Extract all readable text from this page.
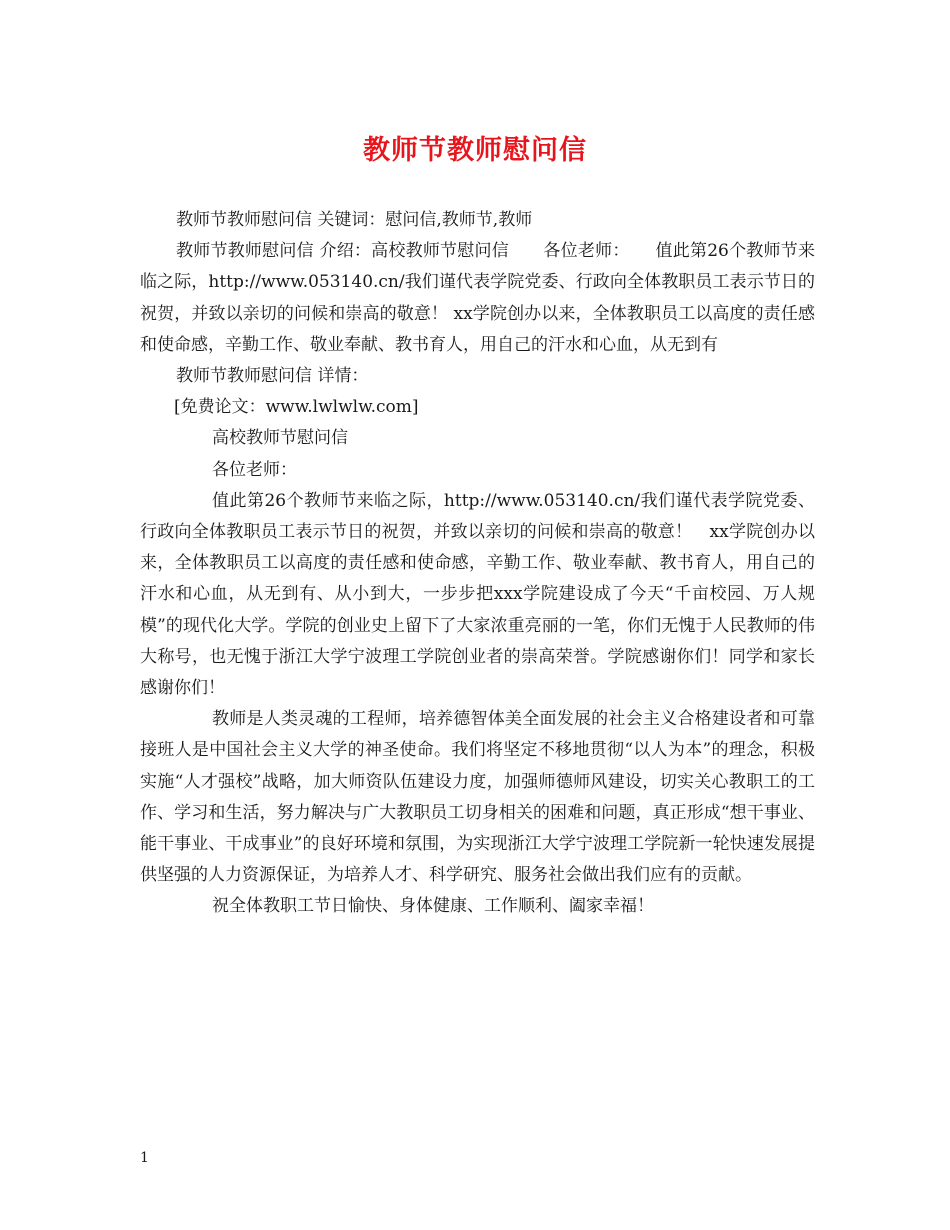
教师节教师慰问信

教师节教师慰问信 关键词：慰问信,教师节,教师

教师节教师慰问信 介绍：高校教师节慰问信　　各位老师：　　值此第26个教师节来临之际，http://www.053140.cn/我们谨代表学院党委、行政向全体教职员工表示节日的祝贺，并致以亲切的问候和崇高的敬意！ xx学院创办以来，全体教职员工以高度的责任感和使命感，辛勤工作、敬业奉献、教书育人，用自己的汗水和心血，从无到有

教师节教师慰问信 详情：

[免费论文：www.lwlwlw.com]

高校教师节慰问信

各位老师：

值此第26个教师节来临之际，http://www.053140.cn/我们谨代表学院党委、行政向全体教职员工表示节日的祝贺，并致以亲切的问候和崇高的敬意！　xx学院创办以来，全体教职员工以高度的责任感和使命感，辛勤工作、敬业奉献、教书育人，用自己的汗水和心血，从无到有、从小到大，一步步把xxx学院建设成了今天“千亩校园、万人规模”的现代化大学。学院的创业史上留下了大家浓重亮丽的一笔，你们无愧于人民教师的伟大称号，也无愧于浙江大学宁波理工学院创业者的崇高荣誉。学院感谢你们！同学和家长感谢你们！

教师是人类灵魂的工程师，培养德智体美全面发展的社会主义合格建设者和可靠接班人是中国社会主义大学的神圣使命。我们将坚定不移地贯彻“以人为本”的理念，积极实施“人才强校”战略，加大师资队伍建设力度，加强师德师风建设，切实关心教职工的工作、学习和生活，努力解决与广大教职员工切身相关的困难和问题，真正形成“想干事业、能干事业、干成事业”的良好环境和氛围，为实现浙江大学宁波理工学院新一轮快速发展提供坚强的人力资源保证，为培养人才、科学研究、服务社会做出我们应有的贡献。

祝全体教职工节日愉快、身体健康、工作顺利、阖家幸福！

1
